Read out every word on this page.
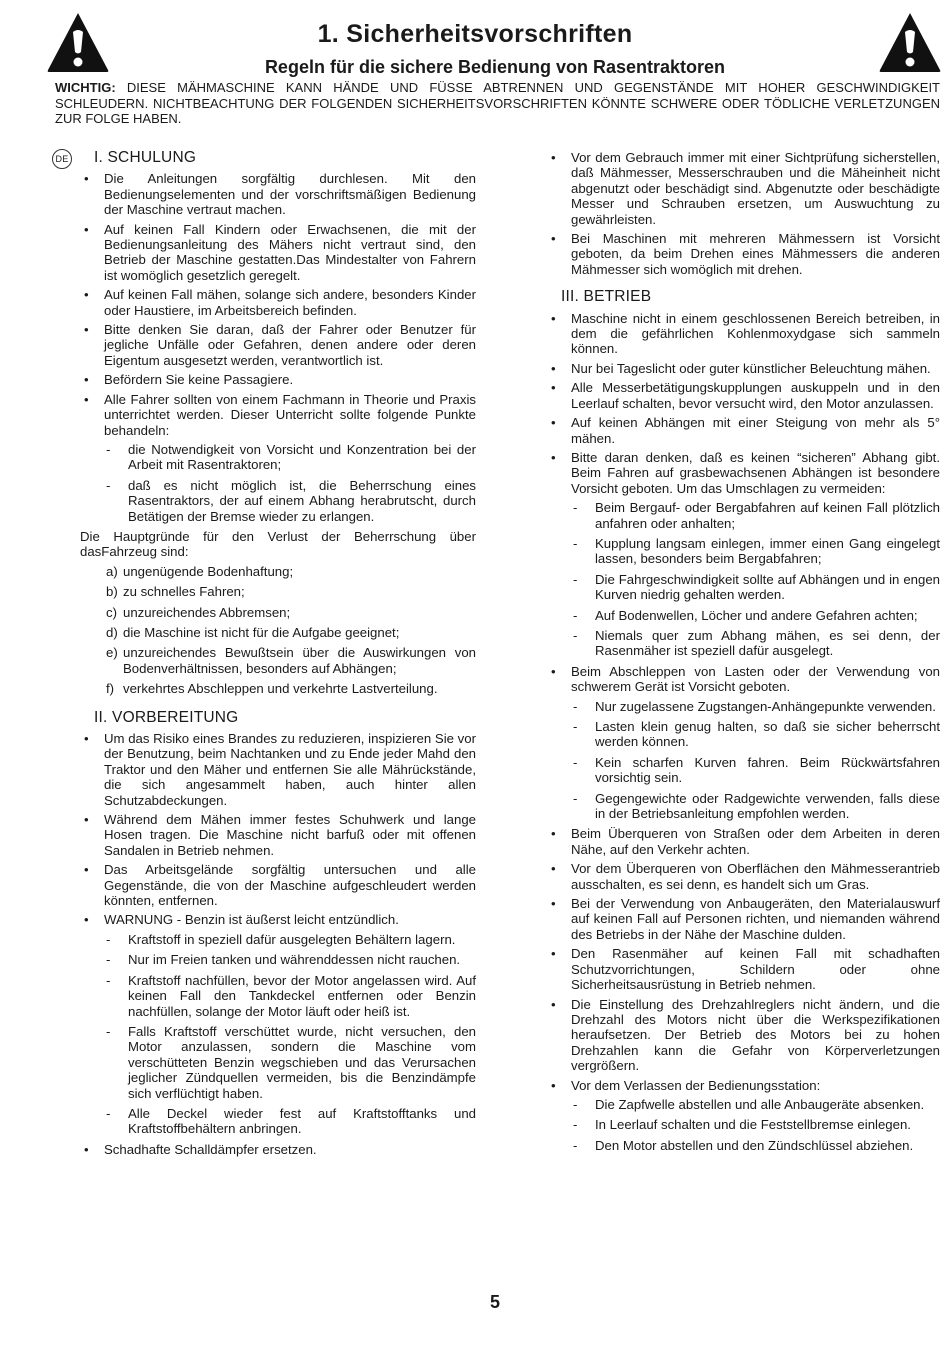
1. Sicherheitsvorschriften
Regeln für die sichere Bedienung von Rasentraktoren
WICHTIG: DIESE MÄHMASCHINE KANN HÄNDE UND FÜSSE ABTRENNEN UND GEGENSTÄNDE MIT HOHER GESCHWINDIGKEIT SCHLEUDERN. NICHTBEACHTUNG DER FOLGENDEN SICHERHEITSVORSCHRIFTEN KÖNNTE SCHWERE ODER TÖDLICHE VERLETZUNGEN ZUR FOLGE HABEN.
DE I. SCHULUNG
• Die Anleitungen sorgfältig durchlesen. Mit den Bedienungselementen und der vorschriftsmäßigen Bedienung der Maschine vertraut machen.
• Auf keinen Fall Kindern oder Erwachsenen, die mit der Bedienungsanleitung des Mähers nicht vertraut sind, den Betrieb der Maschine gestatten.Das Mindestalter von Fahrern ist womöglich gesetzlich geregelt.
• Auf keinen Fall mähen, solange sich andere, besonders Kinder oder Haustiere, im Arbeitsbereich befinden.
• Bitte denken Sie daran, daß der Fahrer oder Benutzer für jegliche Unfälle oder Gefahren, denen andere oder deren Eigentum ausgesetzt werden, verantwortlich ist.
• Befördern Sie keine Passagiere.
• Alle Fahrer sollten von einem Fachmann in Theorie und Praxis unterrichtet werden. Dieser Unterricht sollte folgende Punkte behandeln:
- die Notwendigkeit von Vorsicht und Konzentration bei der Arbeit mit Rasentraktoren;
- daß es nicht möglich ist, die Beherrschung eines Rasentraktors, der auf einem Abhang herabrutscht, durch Betätigen der Bremse wieder zu erlangen.
Die Hauptgründe für den Verlust der Beherrschung über dasFahrzeug sind:
a) ungenügende Bodenhaftung;
b) zu schnelles Fahren;
c) unzureichendes Abbremsen;
d) die Maschine ist nicht für die Aufgabe geeignet;
e) unzureichendes Bewußtsein über die Auswirkungen von Bodenverhältnissen, besonders auf Abhängen;
f) verkehrtes Abschleppen und verkehrte Lastverteilung.
II. VORBEREITUNG
• Um das Risiko eines Brandes zu reduzieren, inspizieren Sie vor der Benutzung, beim Nachtanken und zu Ende jeder Mahd den Traktor und den Mäher und entfernen Sie alle Mährückstände, die sich angesammelt haben, auch hinter allen Schutzabdeckungen.
• Während dem Mähen immer festes Schuhwerk und lange Hosen tragen. Die Maschine nicht barfuß oder mit offenen Sandalen in Betrieb nehmen.
• Das Arbeitsgelände sorgfältig untersuchen und alle Gegenstände, die von der Maschine aufgeschleudert werden könnten, entfernen.
• WARNUNG - Benzin ist äußerst leicht entzündlich.
- Kraftstoff in speziell dafür ausgelegten Behältern lagern.
- Nur im Freien tanken und währenddessen nicht rauchen.
- Kraftstoff nachfüllen, bevor der Motor angelassen wird. Auf keinen Fall den Tankdeckel entfernen oder Benzin nachfüllen, solange der Motor läuft oder heiß ist.
- Falls Kraftstoff verschüttet wurde, nicht versuchen, den Motor anzulassen, sondern die Maschine vom verschütteten Benzin wegschieben und das Verursachen jeglicher Zündquellen vermeiden, bis die Benzindämpfe sich verflüchtigt haben.
- Alle Deckel wieder fest auf Kraftstofftanks und Kraftstoffbehältern anbringen.
• Schadhafte Schalldämpfer ersetzen.
• Vor dem Gebrauch immer mit einer Sichtprüfung sicherstellen, daß Mähmesser, Messerschrauben und die Mäheinheit nicht abgenutzt oder beschädigt sind. Abgenutzte oder beschädigte Messer und Schrauben ersetzen, um Auswuchtung zu gewährleisten.
• Bei Maschinen mit mehreren Mähmessern ist Vorsicht geboten, da beim Drehen eines Mähmessers die anderen Mähmesser sich womöglich mit drehen.
III. BETRIEB
• Maschine nicht in einem geschlossenen Bereich betreiben, in dem die gefährlichen Kohlenmoxydgase sich sammeln können.
• Nur bei Tageslicht oder guter künstlicher Beleuchtung mähen.
• Alle Messerbetätigungskupplungen auskuppeln und in den Leerlauf schalten, bevor versucht wird, den Motor anzulassen.
• Auf keinen Abhängen mit einer Steigung von mehr als 5° mähen.
• Bitte daran denken, daß es keinen “sicheren” Abhang gibt. Beim Fahren auf grasbewachsenen Abhängen ist besondere Vorsicht geboten. Um das Umschlagen zu vermeiden:
- Beim Bergauf- oder Bergabfahren auf keinen Fall plötzlich anfahren oder anhalten;
- Kupplung langsam einlegen, immer einen Gang eingelegt lassen, besonders beim Bergabfahren;
- Die Fahrgeschwindigkeit sollte auf Abhängen und in engen Kurven niedrig gehalten werden.
- Auf Bodenwellen, Löcher und andere Gefahren achten;
- Niemals quer zum Abhang mähen, es sei denn, der Rasenmäher ist speziell dafür ausgelegt.
• Beim Abschleppen von Lasten oder der Verwendung von schwerem Gerät ist Vorsicht geboten.
- Nur zugelassene Zugstangen-Anhängepunkte verwenden.
- Lasten klein genug halten, so daß sie sicher beherrscht werden können.
- Kein scharfen Kurven fahren. Beim Rückwärtsfahren vorsichtig sein.
- Gegengewichte oder Radgewichte verwenden, falls diese in der Betriebsanleitung empfohlen werden.
• Beim Überqueren von Straßen oder dem Arbeiten in deren Nähe, auf den Verkehr achten.
• Vor dem Überqueren von Oberflächen den Mähmesserantrieb ausschalten, es sei denn, es handelt sich um Gras.
• Bei der Verwendung von Anbaugeräten, den Materialauswurf auf keinen Fall auf Personen richten, und niemanden während des Betriebs in der Nähe der Maschine dulden.
• Den Rasenmäher auf keinen Fall mit schadhaften Schutzvorrichtungen, Schildern oder ohne Sicherheitsausrüstung in Betrieb nehmen.
• Die Einstellung des Drehzahlreglers nicht ändern, und die Drehzahl des Motors nicht über die Werkspezifikationen heraufsetzen. Der Betrieb des Motors bei zu hohen Drehzahlen kann die Gefahr von Körperverletzungen vergrößern.
• Vor dem Verlassen der Bedienungsstation:
- Die Zapfwelle abstellen und alle Anbaugeräte absenken.
- In Leerlauf schalten und die Feststellbremse einlegen.
- Den Motor abstellen und den Zündschlüssel abziehen.
5
